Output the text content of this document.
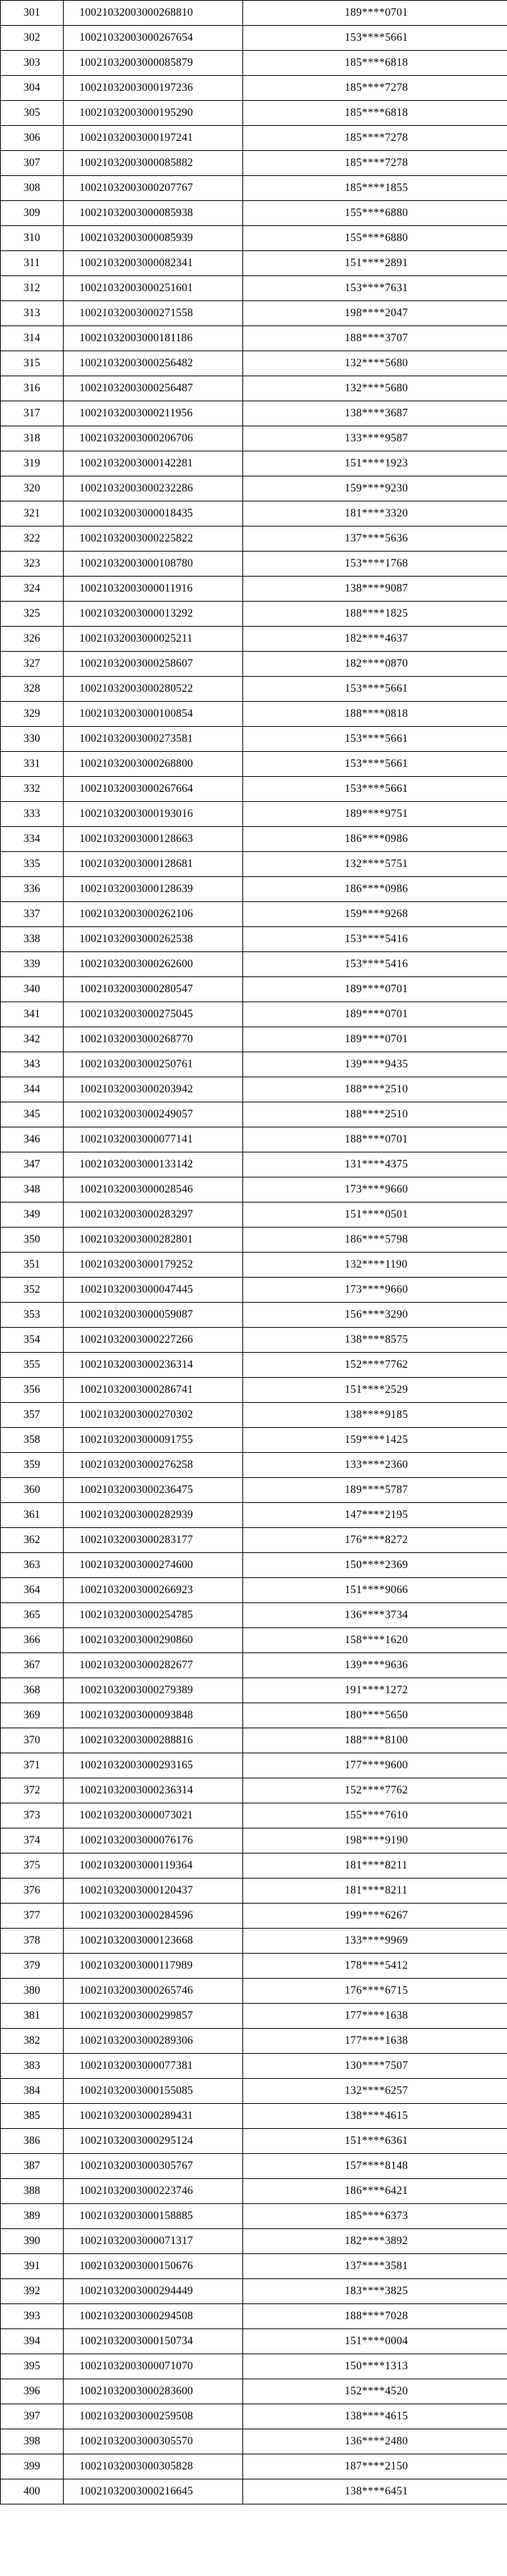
301	10021032003000268810	189****0701
302	10021032003000267654	153****5661
303	10021032003000085879	185****6818
304	10021032003000197236	185****7278
305	10021032003000195290	185****6818
306	10021032003000197241	185****7278
307	10021032003000085882	185****7278
308	10021032003000207767	185****1855
309	10021032003000085938	155****6880
310	10021032003000085939	155****6880
311	10021032003000082341	151****2891
312	10021032003000251601	153****7631
313	10021032003000271558	198****2047
314	10021032003000181186	188****3707
315	10021032003000256482	132****5680
316	10021032003000256487	132****5680
317	10021032003000211956	138****3687
318	10021032003000206706	133****9587
319	10021032003000142281	151****1923
320	10021032003000232286	159****9230
321	10021032003000018435	181****3320
322	10021032003000225822	137****5636
323	10021032003000108780	153****1768
324	10021032003000011916	138****9087
325	10021032003000013292	188****1825
326	10021032003000025211	182****4637
327	10021032003000258607	182****0870
328	10021032003000280522	153****5661
329	10021032003000100854	188****0818
330	10021032003000273581	153****5661
331	10021032003000268800	153****5661
332	10021032003000267664	153****5661
333	10021032003000193016	189****9751
334	10021032003000128663	186****0986
335	10021032003000128681	132****5751
336	10021032003000128639	186****0986
337	10021032003000262106	159****9268
338	10021032003000262538	153****5416
339	10021032003000262600	153****5416
340	10021032003000280547	189****0701
341	10021032003000275045	189****0701
342	10021032003000268770	189****0701
343	10021032003000250761	139****9435
344	10021032003000203942	188****2510
345	10021032003000249057	188****2510
346	10021032003000077141	188****0701
347	10021032003000133142	131****4375
348	10021032003000028546	173****9660
349	10021032003000283297	151****0501
350	10021032003000282801	186****5798
351	10021032003000179252	132****1190
352	10021032003000047445	173****9660
353	10021032003000059087	156****3290
354	10021032003000227266	138****8575
355	10021032003000236314	152****7762
356	10021032003000286741	151****2529
357	10021032003000270302	138****9185
358	10021032003000091755	159****1425
359	10021032003000276258	133****2360
360	10021032003000236475	189****5787
361	10021032003000282939	147****2195
362	10021032003000283177	176****8272
363	10021032003000274600	150****2369
364	10021032003000266923	151****9066
365	10021032003000254785	136****3734
366	10021032003000290860	158****1620
367	10021032003000282677	139****9636
368	10021032003000279389	191****1272
369	10021032003000093848	180****5650
370	10021032003000288816	188****8100
371	10021032003000293165	177****9600
372	10021032003000236314	152****7762
373	10021032003000073021	155****7610
374	10021032003000076176	198****9190
375	10021032003000119364	181****8211
376	10021032003000120437	181****8211
377	10021032003000284596	199****6267
378	10021032003000123668	133****9969
379	10021032003000117989	178****5412
380	10021032003000265746	176****6715
381	10021032003000299857	177****1638
382	10021032003000289306	177****1638
383	10021032003000077381	130****7507
384	10021032003000155085	132****6257
385	10021032003000289431	138****4615
386	10021032003000295124	151****6361
387	10021032003000305767	157****8148
388	10021032003000223746	186****6421
389	10021032003000158885	185****6373
390	10021032003000071317	182****3892
391	10021032003000150676	137****3581
392	10021032003000294449	183****3825
393	10021032003000294508	188****7028
394	10021032003000150734	151****0004
395	10021032003000071070	150****1313
396	10021032003000283600	152****4520
397	10021032003000259508	138****4615
398	10021032003000305570	136****2480
399	10021032003000305828	187****2150
400	10021032003000216645	138****6451
